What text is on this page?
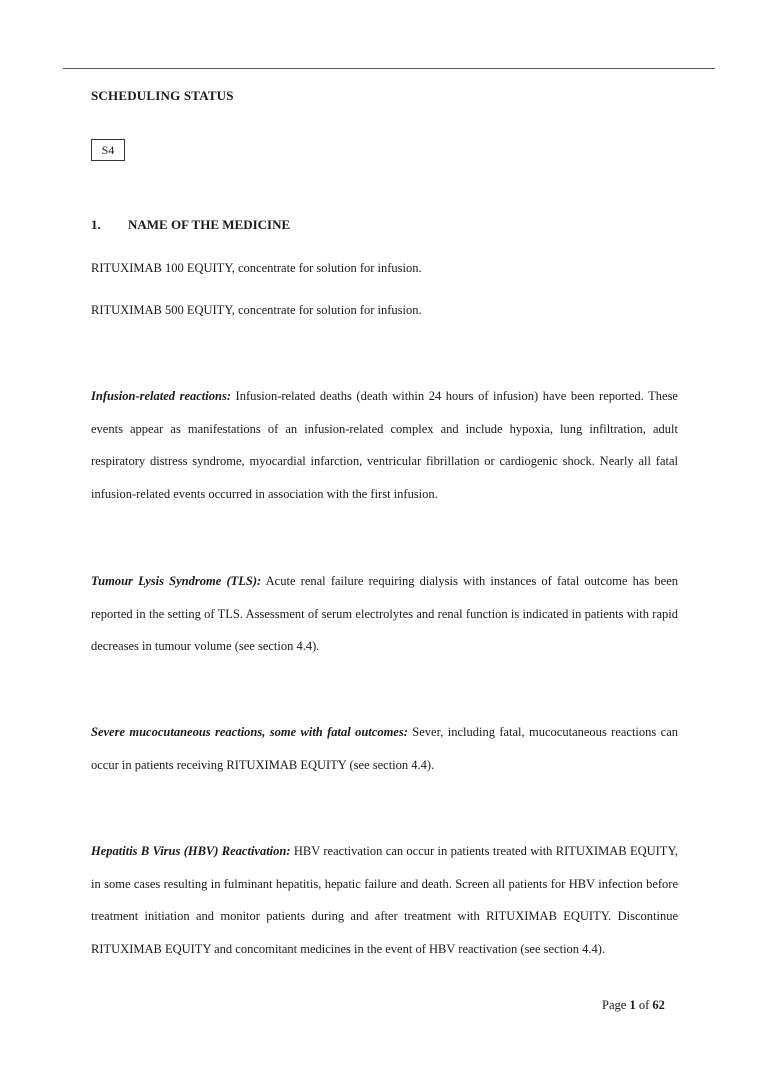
SCHEDULING STATUS
S4
1. NAME OF THE MEDICINE
RITUXIMAB 100 EQUITY, concentrate for solution for infusion.
RITUXIMAB 500 EQUITY, concentrate for solution for infusion.
Infusion-related reactions: Infusion-related deaths (death within 24 hours of infusion) have been reported. These events appear as manifestations of an infusion-related complex and include hypoxia, lung infiltration, adult respiratory distress syndrome, myocardial infarction, ventricular fibrillation or cardiogenic shock. Nearly all fatal infusion-related events occurred in association with the first infusion.
Tumour Lysis Syndrome (TLS): Acute renal failure requiring dialysis with instances of fatal outcome has been reported in the setting of TLS. Assessment of serum electrolytes and renal function is indicated in patients with rapid decreases in tumour volume (see section 4.4).
Severe mucocutaneous reactions, some with fatal outcomes: Sever, including fatal, mucocutaneous reactions can occur in patients receiving RITUXIMAB EQUITY (see section 4.4).
Hepatitis B Virus (HBV) Reactivation: HBV reactivation can occur in patients treated with RITUXIMAB EQUITY, in some cases resulting in fulminant hepatitis, hepatic failure and death. Screen all patients for HBV infection before treatment initiation and monitor patients during and after treatment with RITUXIMAB EQUITY. Discontinue RITUXIMAB EQUITY and concomitant medicines in the event of HBV reactivation (see section 4.4).
Page 1 of 62
